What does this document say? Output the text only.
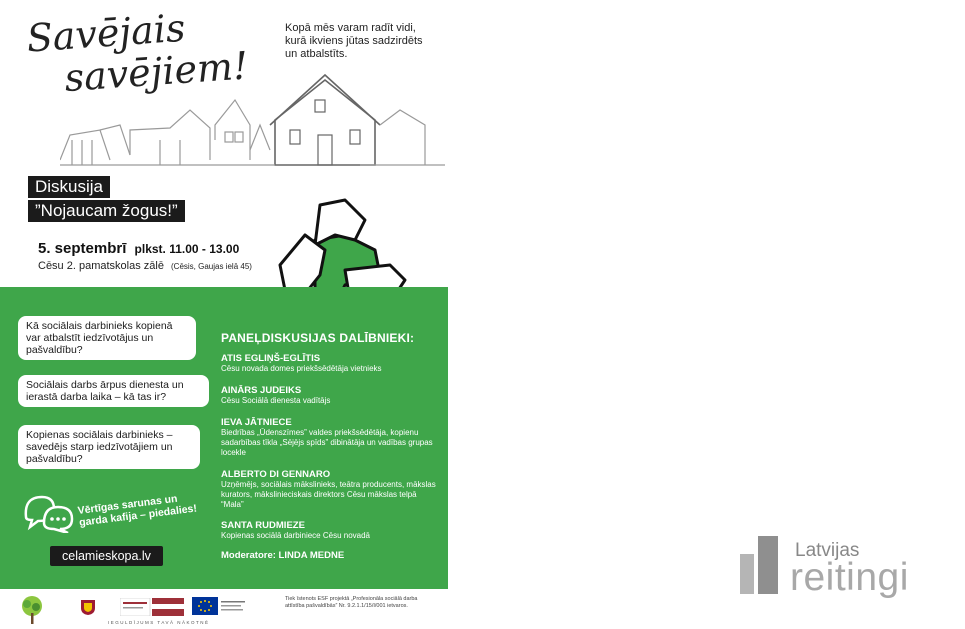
Savējais
savējiem!
Kopā mēs varam radīt vidi, kurā ikviens jūtas sadzirdēts un atbalstīts.
Diskusija
”Nojaucam žogus!”
5. septembrī plkst. 11.00 - 13.00
Cēsu 2. pamatskolas zālē (Cēsis, Gaujas ielā 45)
Kā sociālais darbinieks kopienā var atbalstīt iedzīvotājus un pašvaldību?
Sociālais darbs ārpus dienesta un ierastā darba laika – kā tas ir?
Kopienas sociālais darbinieks – savedējs starp iedzīvotājiem un pašvaldību?
Vērtīgas sarunas un garda kafija – piedalies!
celamieskopa.lv
PANEĻDISKUSIJAS DALĪBNIEKI:
ATIS EGLIŅŠ-EGLĪTIS
Cēsu novada domes priekšsēdētāja vietnieks
AINĀRS JUDEIKS
Cēsu Sociālā dienesta vadītājs
IEVA JĀTNIECE
Biedrības „Ūdenszīmes” valdes priekšsēdētāja, kopienu sadarbības tīkla „Sējējs spīds” dibinātāja un vadības grupas locekle
ALBERTO DI GENNARO
Uzņēmējs, sociālais mākslinieks, teātra producents, mākslas kurators, mākslinieciskais direktors Cēsu mākslas telpā “Mala”
SANTA RUDMIEZE
Kopienas sociālā darbiniece Cēsu novadā
Moderatore: LINDA MEDNE
Tiek īstenots ESF projektā „Profesionāla sociālā darba attīstība pašvaldībās” Nr. 9.2.1.1/15/I/001 ietvaros.
IEGULDĪJUMS TAVĀ NĀKOTNĒ
Latvijas
reitingi
